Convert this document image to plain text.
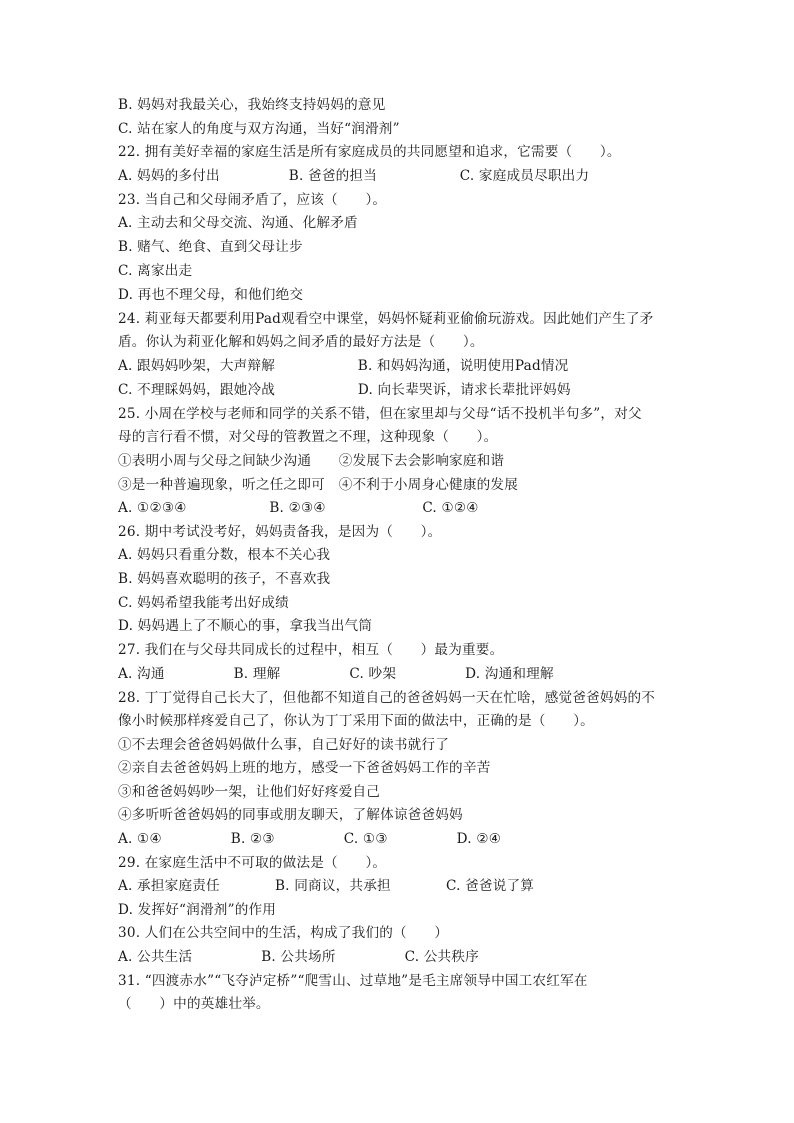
B. 妈妈对我最关心，我始终支持妈妈的意见
C. 站在家人的角度与双方沟通，当好“润滑剂”
22. 拥有美好幸福的家庭生活是所有家庭成员的共同愿望和追求，它需要（　　）。
A. 妈妈的多付出　　　　　B. 爸爸的担当　　　　　　C. 家庭成员尽职出力
23. 当自己和父母闹矛盾了，应该（　　）。
A. 主动去和父母交流、沟通、化解矛盾
B. 赌气、绝食、直到父母让步
C. 离家出走
D. 再也不理父母，和他们绝交
24. 莉亚每天都要利用Pad观看空中课堂，妈妈怀疑莉亚偷偷玩游戏。因此她们产生了矛
盾。你认为莉亚化解和妈妈之间矛盾的最好方法是（　　）。
A. 跟妈妈吵架，大声辩解　　　　　　B. 和妈妈沟通，说明使用Pad情况
C. 不理睬妈妈，跟她冷战　　　　　　D. 向长辈哭诉，请求长辈批评妈妈
25. 小周在学校与老师和同学的关系不错，但在家里却与父母“话不投机半句多”，对父
母的言行看不惯，对父母的管教置之不理，这种现象（　　）。
①表明小周与父母之间缺少沟通　　②发展下去会影响家庭和谐
③是一种普遍现象，听之任之即可　④不利于小周身心健康的发展
A. ①②③④　　　　　　B. ②③④　　　　　　　C. ①②④
26. 期中考试没考好，妈妈责备我，是因为（　　）。
A. 妈妈只看重分数，根本不关心我
B. 妈妈喜欢聪明的孩子，不喜欢我
C. 妈妈希望我能考出好成绩
D. 妈妈遇上了不顺心的事，拿我当出气筒
27. 我们在与父母共同成长的过程中，相互（　　）最为重要。
A. 沟通　　　　　B. 理解　　　　　C. 吵架　　　　　D. 沟通和理解
28. 丁丁觉得自己长大了，但他都不知道自己的爸爸妈妈一天在忙啥，感觉爸爸妈妈的不
像小时候那样疼爱自己了，你认为丁丁采用下面的做法中，正确的是（　　）。
①不去理会爸爸妈妈做什么事，自己好好的读书就行了
②亲自去爸爸妈妈上班的地方，感受一下爸爸妈妈工作的辛苦
③和爸爸妈妈吵一架，让他们好好疼爱自己
④多听听爸爸妈妈的同事或朋友聊天，了解体谅爸爸妈妈
A. ①④　　　　　B. ②③　　　　　C. ①③　　　　　D. ②④
29. 在家庭生活中不可取的做法是（　　）。
A. 承担家庭责任　　　　B. 同商议，共承担　　　　C. 爸爸说了算
D. 发挥好“润滑剂”的作用
30. 人们在公共空间中的生活，构成了我们的（　　）
A. 公共生活　　　　　B. 公共场所　　　　　C. 公共秩序
31. “四渡赤水”“飞夺泸定桥”“爬雪山、过草地”是毛主席领导中国工农红军在
（　　）中的英雄壮举。
